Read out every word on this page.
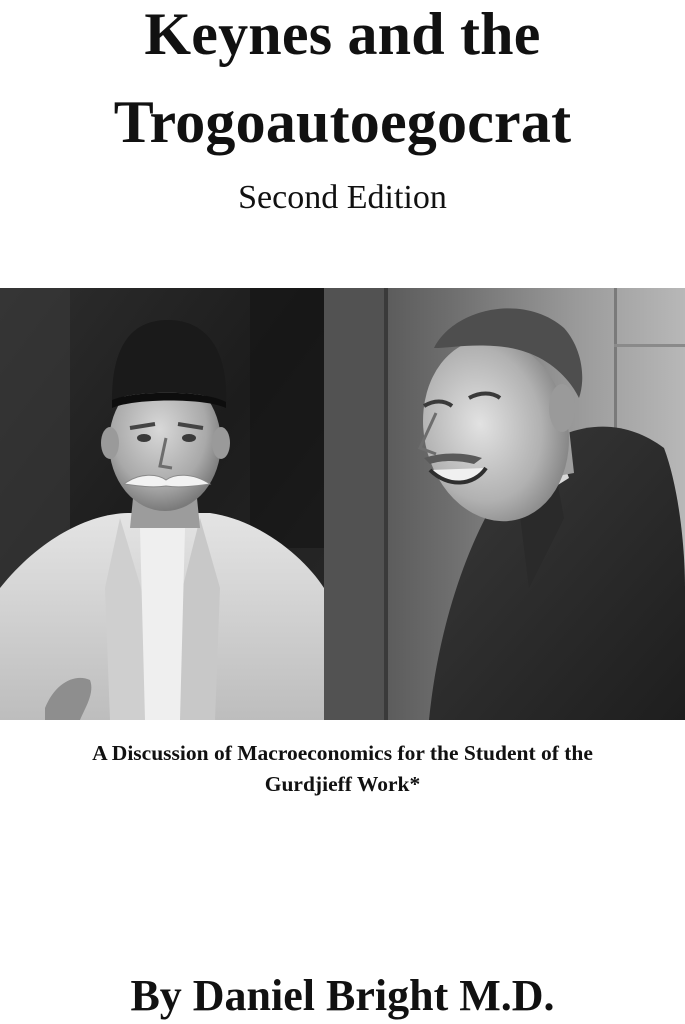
Keynes and the
Trogoautoegocrat
Second Edition
A Discussion of Macroeconomics for the Student of the
Gurdjieff Work*
By Daniel Bright M.D.
